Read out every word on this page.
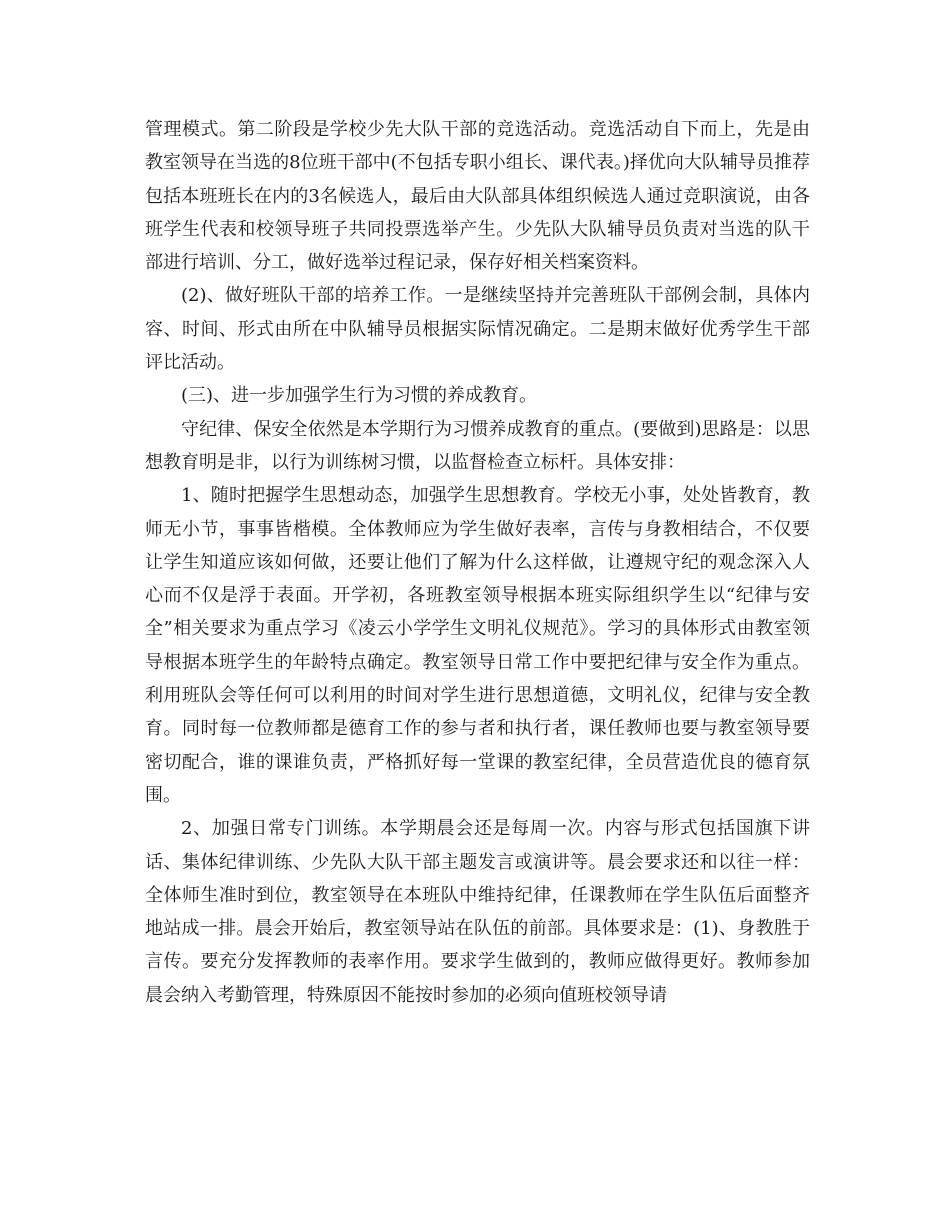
管理模式。第二阶段是学校少先大队干部的竞选活动。竞选活动自下而上，先是由教室领导在当选的8位班干部中(不包括专职小组长、课代表。)择优向大队辅导员推荐包括本班班长在内的3名候选人，最后由大队部具体组织候选人通过竞职演说，由各班学生代表和校领导班子共同投票选举产生。少先队大队辅导员负责对当选的队干部进行培训、分工，做好选举过程记录，保存好相关档案资料。

(2)、做好班队干部的培养工作。一是继续坚持并完善班队干部例会制，具体内容、时间、形式由所在中队辅导员根据实际情况确定。二是期末做好优秀学生干部评比活动。

(三)、进一步加强学生行为习惯的养成教育。

守纪律、保安全依然是本学期行为习惯养成教育的重点。(要做到)思路是：以思想教育明是非，以行为训练树习惯，以监督检查立标杆。具体安排：

1、随时把握学生思想动态，加强学生思想教育。学校无小事，处处皆教育，教师无小节，事事皆楷模。全体教师应为学生做好表率，言传与身教相结合，不仅要让学生知道应该如何做，还要让他们了解为什么这样做，让遵规守纪的观念深入人心而不仅是浮于表面。开学初，各班教室领导根据本班实际组织学生以“纪律与安全”相关要求为重点学习《凌云小学学生文明礼仪规范》。学习的具体形式由教室领导根据本班学生的年龄特点确定。教室领导日常工作中要把纪律与安全作为重点。利用班队会等任何可以利用的时间对学生进行思想道德，文明礼仪，纪律与安全教育。同时每一位教师都是德育工作的参与者和执行者，课任教师也要与教室领导要密切配合，谁的课谁负责，严格抓好每一堂课的教室纪律，全员营造优良的德育氛围。

2、加强日常专门训练。本学期晨会还是每周一次。内容与形式包括国旗下讲话、集体纪律训练、少先队大队干部主题发言或演讲等。晨会要求还和以往一样：全体师生准时到位，教室领导在本班队中维持纪律，任课教师在学生队伍后面整齐地站成一排。晨会开始后，教室领导站在队伍的前部。具体要求是：(1)、身教胜于言传。要充分发挥教师的表率作用。要求学生做到的，教师应做得更好。教师参加晨会纳入考勤管理，特殊原因不能按时参加的必须向值班校领导请
